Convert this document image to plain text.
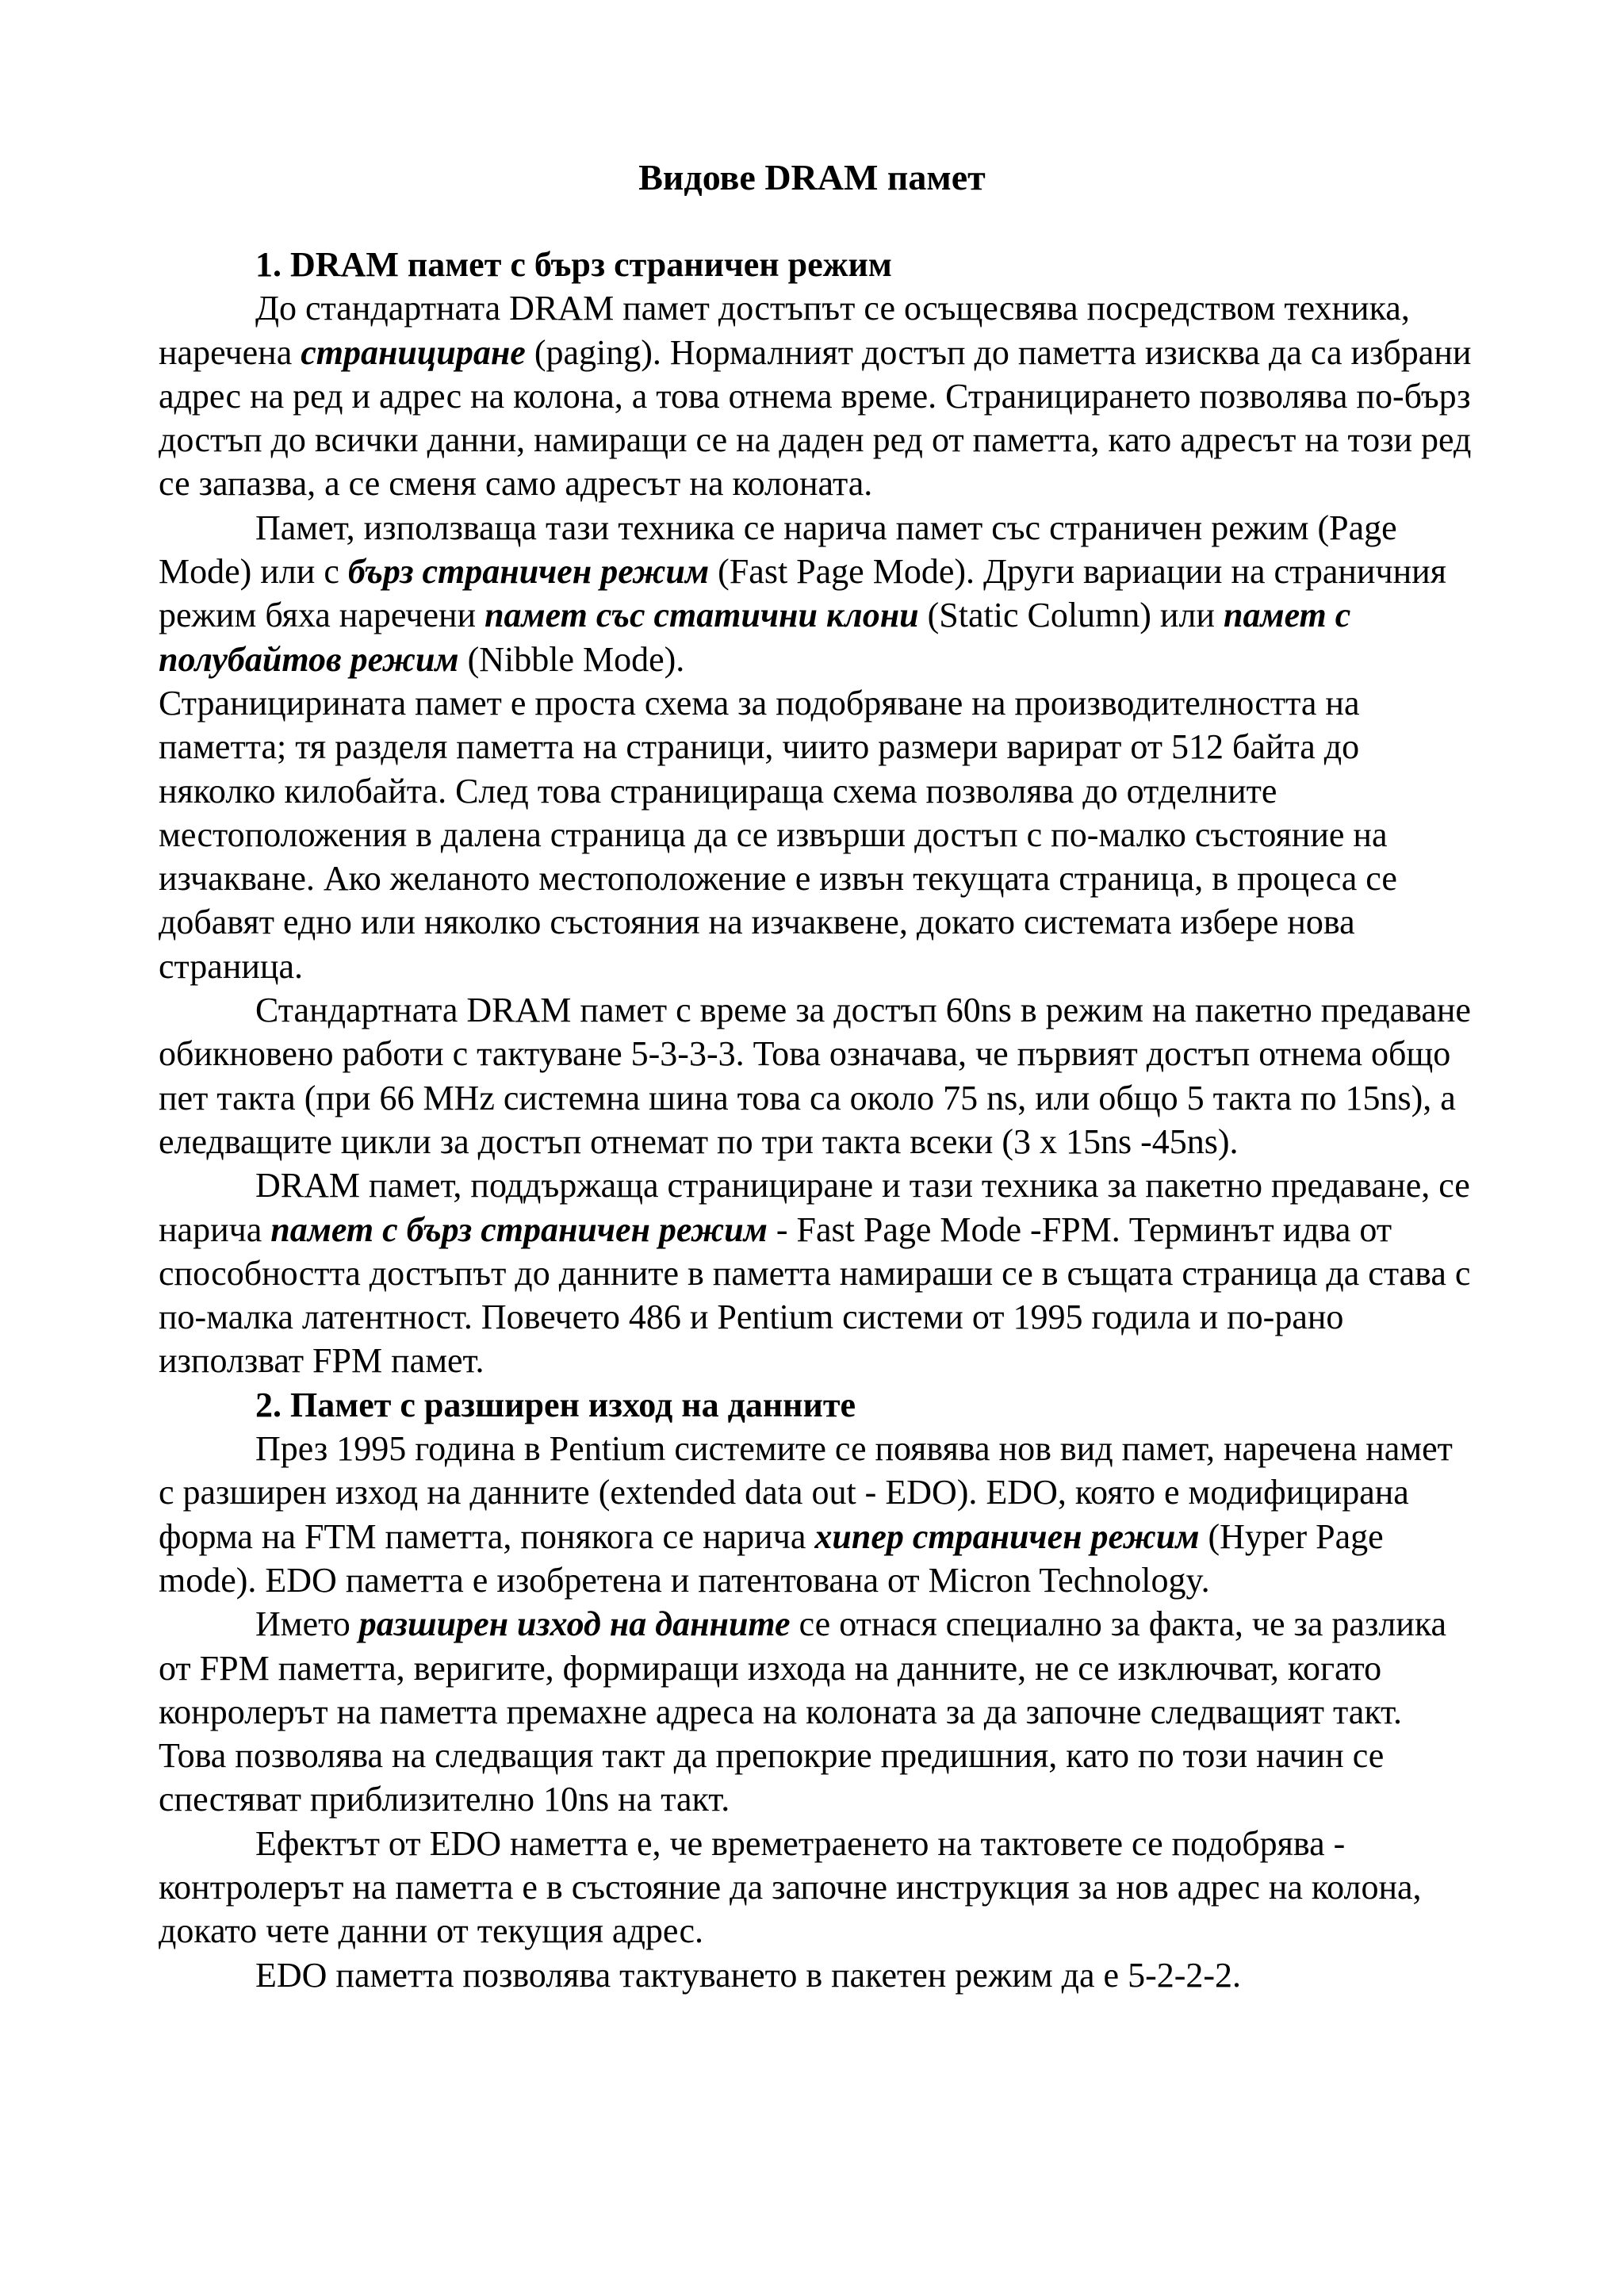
Видове DRAM памет

1. DRAM памет с бърз страничен режим

До стандартната DRAM памет достъпът се осъщесвява посредством техника, наречена страницирaне (paging). Нормалният достъп до паметта изисква да са избрани адрес на ред и адрес на колона, а това отнема време. Страницирането позволява по-бърз достъп до всички данни, намиращи се на даден ред от паметта, като адресът на този ред се запазва, а се сменя само адресът на колоната.

Памет, използваща тази техника се нарича памет със страничен режим (Page Mode) или с бърз страничен режим (Fast Page Mode). Други вариации на страничния режим бяха наречени памет със статични клони (Static Column) или памет с полубайтов режим (Nibble Mode).

Странициринaта памет е проста схема за подобряване на производителността на паметта; тя разделя паметта на страници, чиито размери варират от 512 байта до няколко килобайта. След това страницираща схема позволява до отделните местоположения в далена страница да се извърши достъп с по-малко състояние на изчакване. Ако желаното местоположение е извън текущата страница, в процеса се добавят едно или няколко състояния на изчаквене, докато системата избере нова страница.

Стандартната DRAM памет с време за достъп 60ns в режим на пакетно предаване обикновено работи с тактуване 5-3-3-3. Това означава, че първият достъп отнема общо пет такта (при 66 MHz системна шина това са около 75 ns, или общо 5 такта по 15ns), а еледващите цикли за достъп отнемат по три такта всеки (3 x 15ns -45ns).

DRAM памет, поддържаща страницирaне и тази техника за пакетно предаване, се нарича памет с бърз страничен режим - Fast Page Mode -FPM. Терминът идва от способността достъпът до данните в паметта намираши се в същата страница да става с по-малка латентност. Повечето 486 и Pentium системи от 1995 годила и по-рано използват FPM памет.

2. Памет с разширен изход на данните

През 1995 година в Pentium системите се появява нов вид памет, наречена намет с разширен изход на данните (extended data out - EDO). EDO, която е модифицирана форма на FTM паметта, понякога се нарича хипер страничен режим (Hyper Page mode). EDO паметта е изобретена и патентована от Micron Technology.

Името разширен изход на данните се отнася специално за факта, че за разлика от FPM паметта, веригите, формиращи изхода на данните, не се изключват, когато конролерът на паметта премахне адреса на колоната за да започне следващият такт. Това позволява на следващия такт да препокрие предишния, като по този начин се спестяват приблизително 10ns на такт.

Ефектът от EDO наметта е, че времетраенето на тактовете се подобрява - контролерът на паметта е в състояние да започне инструкция за нов адрес на колона, докато чете данни от текущия адрес.

EDO паметта позволява тактуването в пакетен режим да е 5-2-2-2.
